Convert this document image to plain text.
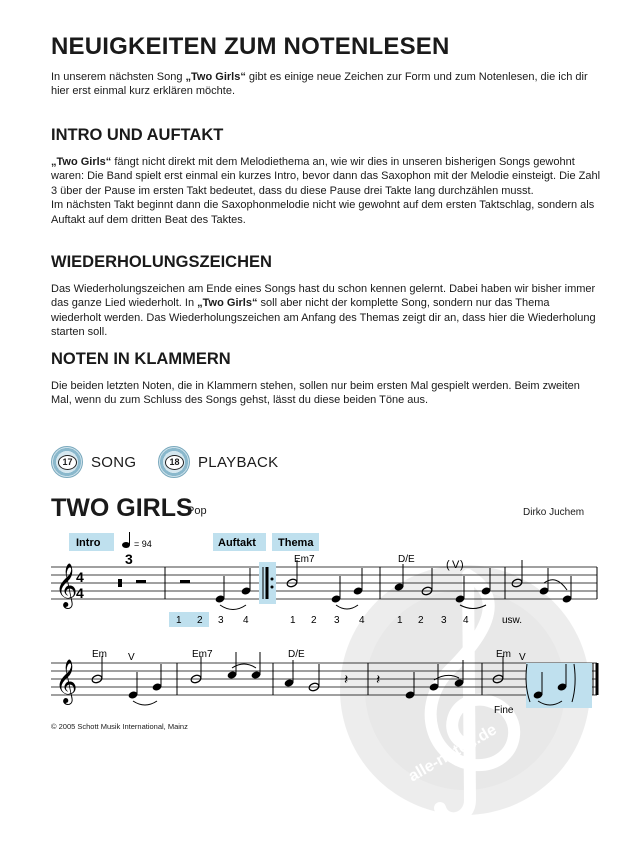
NEUIGKEITEN ZUM NOTENLESEN
In unserem nächsten Song „Two Girls“ gibt es einige neue Zeichen zur Form und zum Notenlesen, die ich dir hier erst einmal kurz erklären möchte.
INTRO UND AUFTAKT
„Two Girls“ fängt nicht direkt mit dem Melodiethema an, wie wir dies in unseren bisherigen Songs gewohnt waren: Die Band spielt erst einmal ein kurzes Intro, bevor dann das Saxophon mit der Melodie einsteigt. Die Zahl 3 über der Pause im ersten Takt bedeutet, dass du diese Pause drei Takte lang durchzählen musst.
Im nächsten Takt beginnt dann die Saxophonmelodie nicht wie gewohnt auf dem ersten Taktschlag, sondern als Auftakt auf dem dritten Beat des Taktes.
WIEDERHOLUNGSZEICHEN
Das Wiederholungszeichen am Ende eines Songs hast du schon kennen gelernt. Dabei haben wir bisher immer das ganze Lied wiederholt. In „Two Girls“ soll aber nicht der komplette Song, sondern nur das Thema wiederholt werden. Das Wiederholungszeichen am Anfang des Themas zeigt dir an, dass hier die Wiederholung starten soll.
NOTEN IN KLAMMERN
Die beiden letzten Noten, die in Klammern stehen, sollen nur beim ersten Mal gespielt werden. Beim zweiten Mal, wenn du zum Schluss des Songs gehst, lässt du diese beiden Töne aus.
17	SONG	18	PLAYBACK
TWO GIRLS
Pop	Dirko Juchem
alle-noten.de
Intro	= 94	Auftakt Thema
𝄞
4
4
3	Em7	D/E	( V )
1 2 3 4	1 2 3 4	1 2 3 4	usw.
𝄞
Em V	Em7	D/E
𝄽 𝄽
Em V
Fine
© 2005 Schott Musik International, Mainz
